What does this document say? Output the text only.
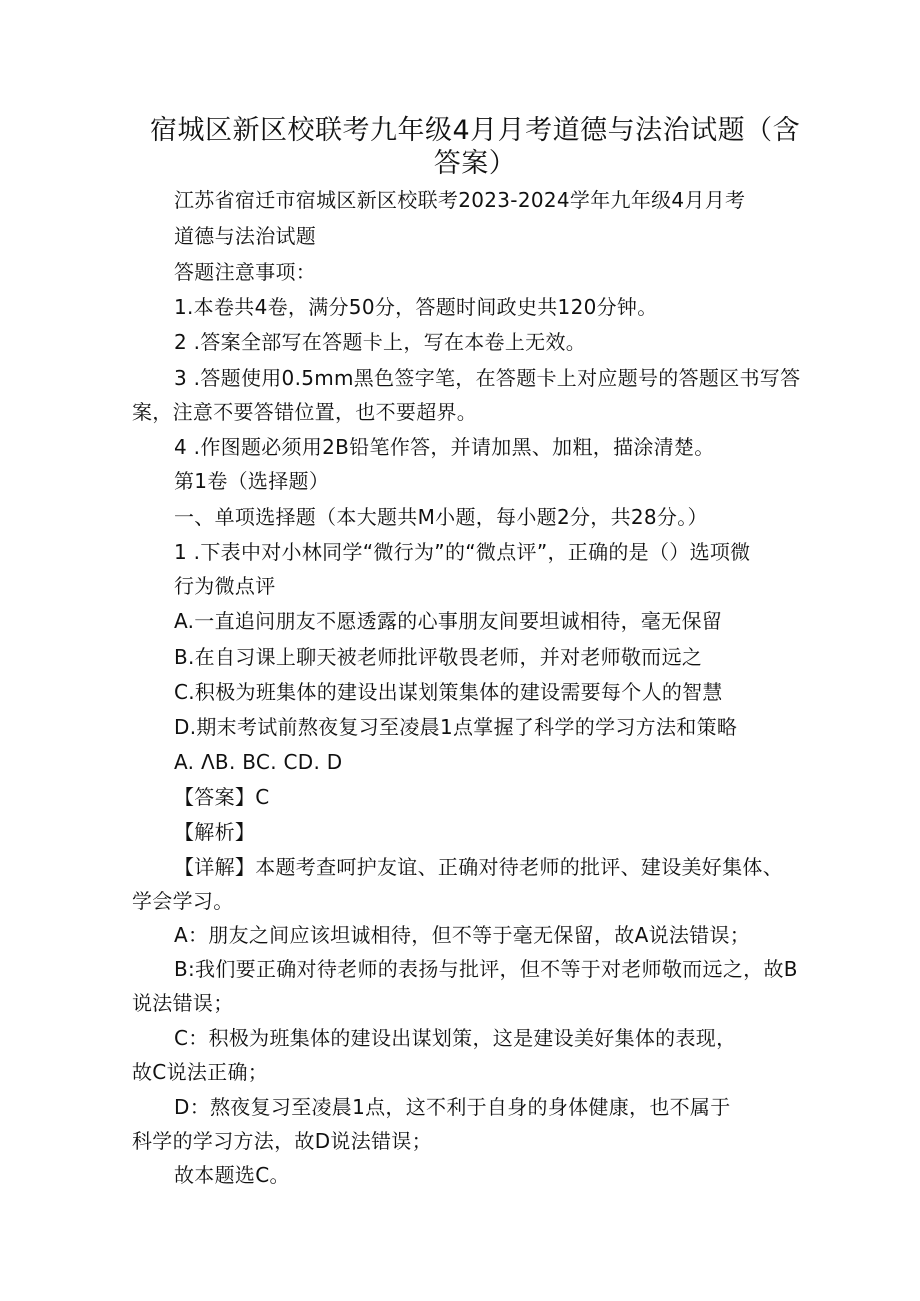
宿城区新区校联考九年级4月月考道德与法治试题（含
答案）
江苏省宿迁市宿城区新区校联考2023-2024学年九年级4月月考
道德与法治试题
答题注意事项：
1.本卷共4卷，满分50分，答题时间政史共120分钟。
2 .答案全部写在答题卡上，写在本卷上无效。
3 .答题使用0.5mm黑色签字笔，在答题卡上对应题号的答题区书写答
案，注意不要答错位置，也不要超界。
4 .作图题必须用2B铅笔作答，并请加黑、加粗，描涂清楚。
第1卷（选择题）
一、单项选择题（本大题共M小题，每小题2分，共28分。）
1 .下表中对小林同学“微行为”的“微点评”，正确的是（）选项微
行为微点评
A.一直追问朋友不愿透露的心事朋友间要坦诚相待，毫无保留
B.在自习课上聊天被老师批评敬畏老师，并对老师敬而远之
C.积极为班集体的建设出谋划策集体的建设需要每个人的智慧
D.期末考试前熬夜复习至凌晨1点掌握了科学的学习方法和策略
A. ΛB. BC. CD. D
【答案】C
【解析】
【详解】本题考查呵护友谊、正确对待老师的批评、建设美好集体、
学会学习。
A：朋友之间应该坦诚相待，但不等于毫无保留，故A说法错误；
B:我们要正确对待老师的表扬与批评，但不等于对老师敬而远之，故B
说法错误；
C：积极为班集体的建设出谋划策，这是建设美好集体的表现，
故C说法正确；
D：熬夜复习至凌晨1点，这不利于自身的身体健康，也不属于
科学的学习方法，故D说法错误；
故本题选C。
